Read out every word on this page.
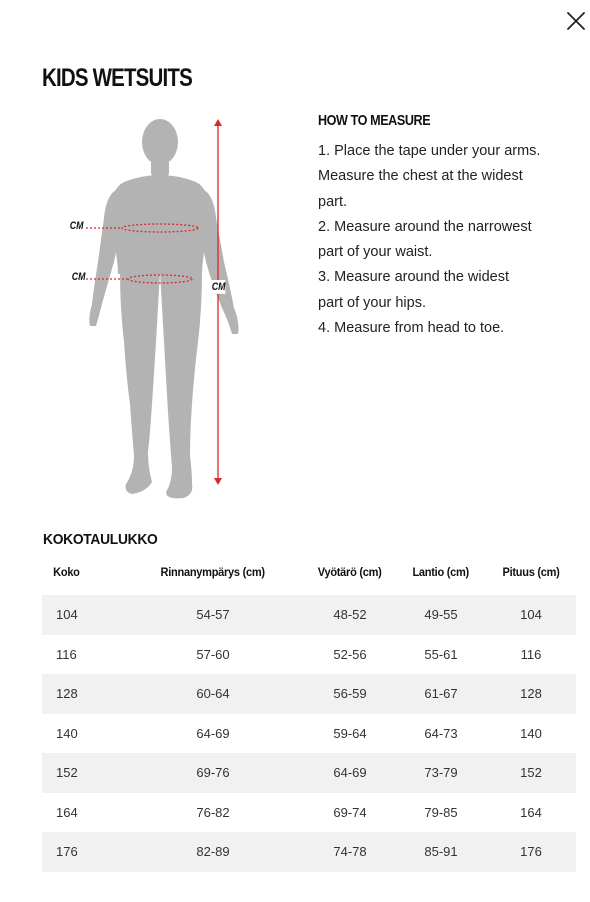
KIDS WETSUITS
CM
CM
CM
HOW TO MEASURE

1. Place the tape under your arms.
Measure the chest at the widest
part.
2. Measure around the narrowest
part of your waist.
3. Measure around the widest
part of your hips.
4. Measure from head to toe.

KOKOTAULUKKO
Koko	Rinnanympärys (cm)	Vyötärö (cm)	Lantio (cm)	Pituus (cm)
104	54-57	48-52	49-55	104
116	57-60	52-56	55-61	116
128	60-64	56-59	61-67	128
140	64-69	59-64	64-73	140
152	69-76	64-69	73-79	152
164	76-82	69-74	79-85	164
176	82-89	74-78	85-91	176
